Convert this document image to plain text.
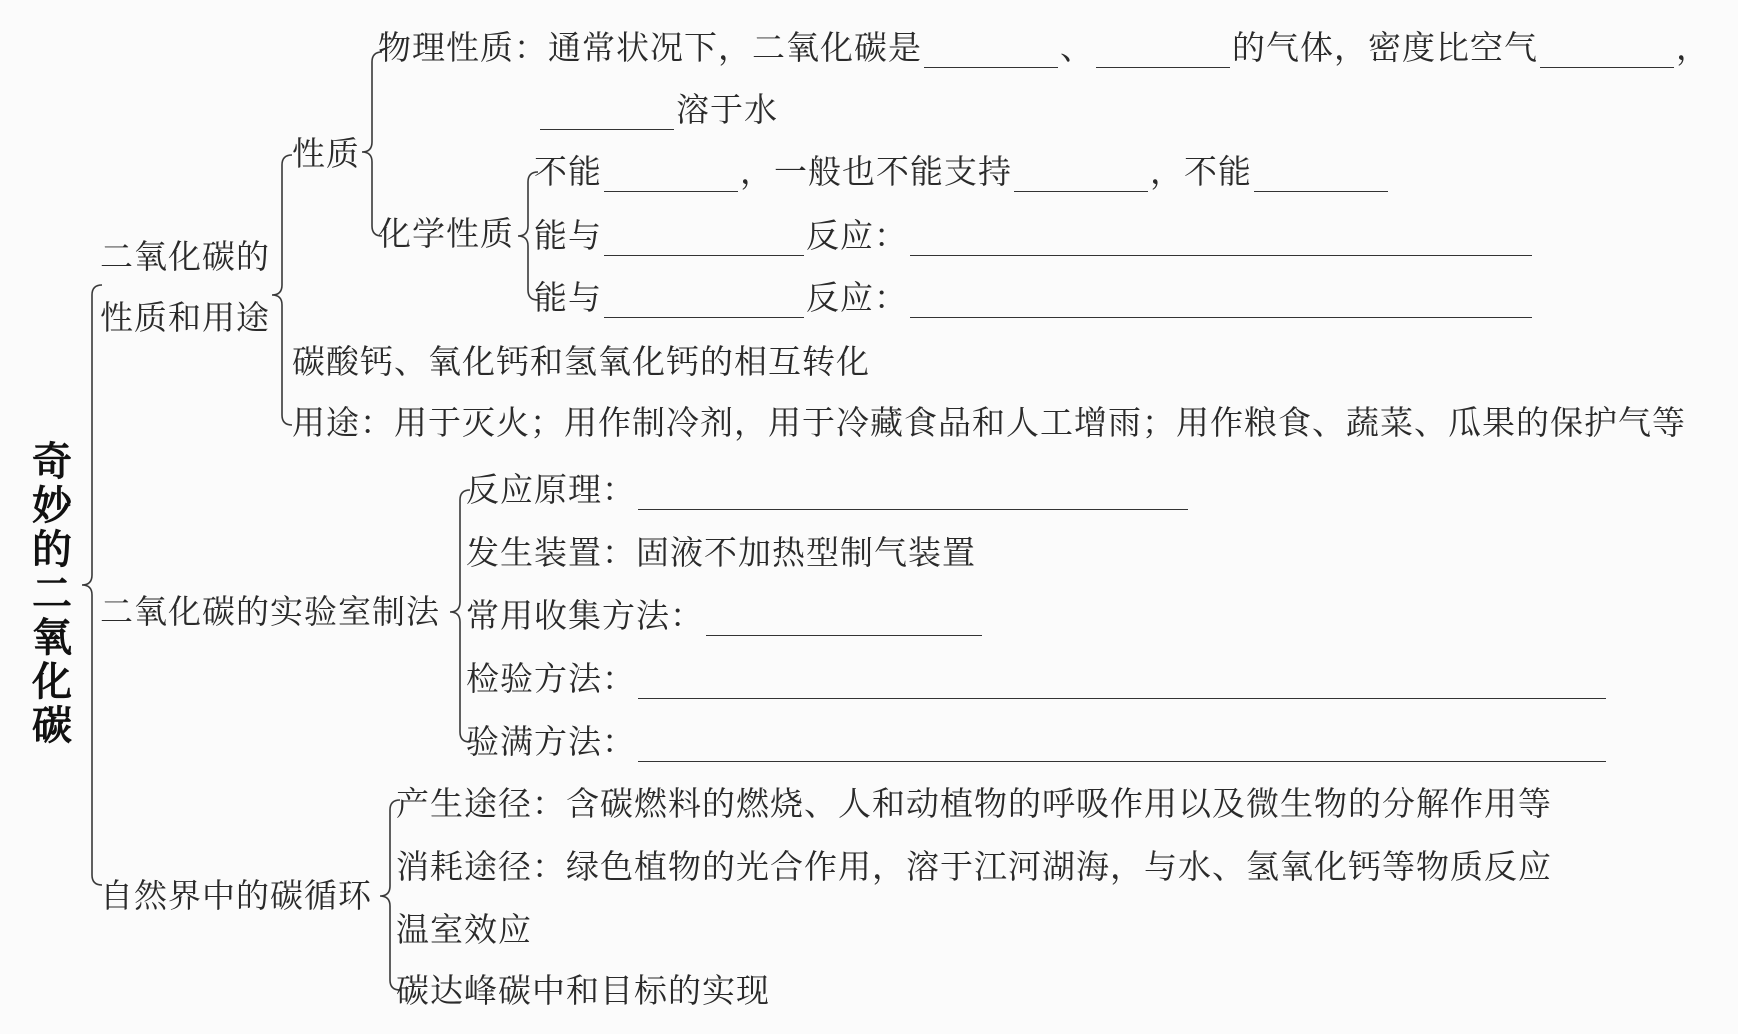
奇妙的二氧化碳
二氧化碳的
性质和用途
性质
物理性质：通常状况下，二氧化碳是	、	的气体，密度比空气	，
溶于水
化学性质
不能	，一般也不能支持	，不能
能与	反应：
能与	反应：
碳酸钙、氧化钙和氢氧化钙的相互转化
用途：用于灭火；用作制冷剂，用于冷藏食品和人工增雨；用作粮食、蔬菜、瓜果的保护气等
二氧化碳的实验室制法
反应原理：
发生装置：固液不加热型制气装置
常用收集方法：
检验方法：
验满方法：
自然界中的碳循环
产生途径：含碳燃料的燃烧、人和动植物的呼吸作用以及微生物的分解作用等
消耗途径：绿色植物的光合作用，溶于江河湖海，与水、氢氧化钙等物质反应
温室效应
碳达峰碳中和目标的实现
